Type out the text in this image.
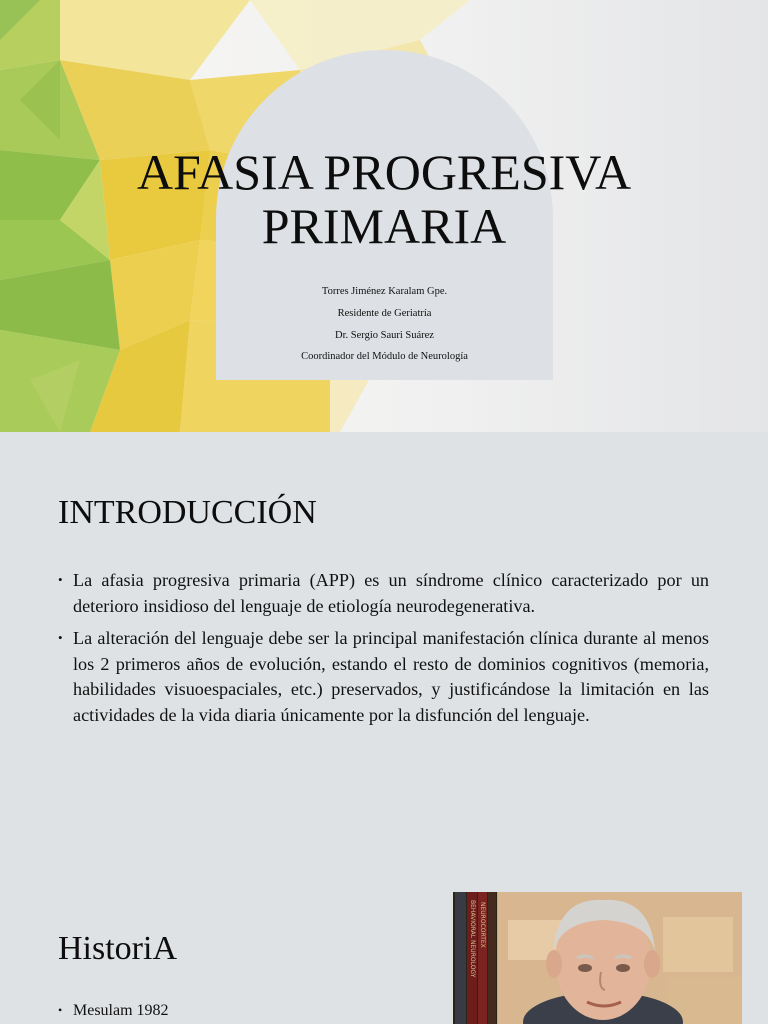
AFASIA PROGRESIVA
PRIMARIA
Torres Jiménez Karalam Gpe.
Residente de Geriatría
Dr. Sergio Sauri Suárez
Coordinador del Módulo de Neurología
INTRODUCCIÓN
• La afasia progresiva primaria (APP) es un síndrome clínico caracterizado por un deterioro insidioso del lenguaje de etiología neurodegenerativa.
• La alteración del lenguaje debe ser la principal manifestación clínica durante al menos los 2 primeros años de evolución, estando el resto de dominios cognitivos (memoria, habilidades visuoespaciales, etc.) preservados, y justificándose la limitación en las actividades de la vida diaria únicamente por la disfunción del lenguaje.
HistoriA
• Mesulam 1982
BEHAVIORAL NEUROLOGY NEUROCORTEX
